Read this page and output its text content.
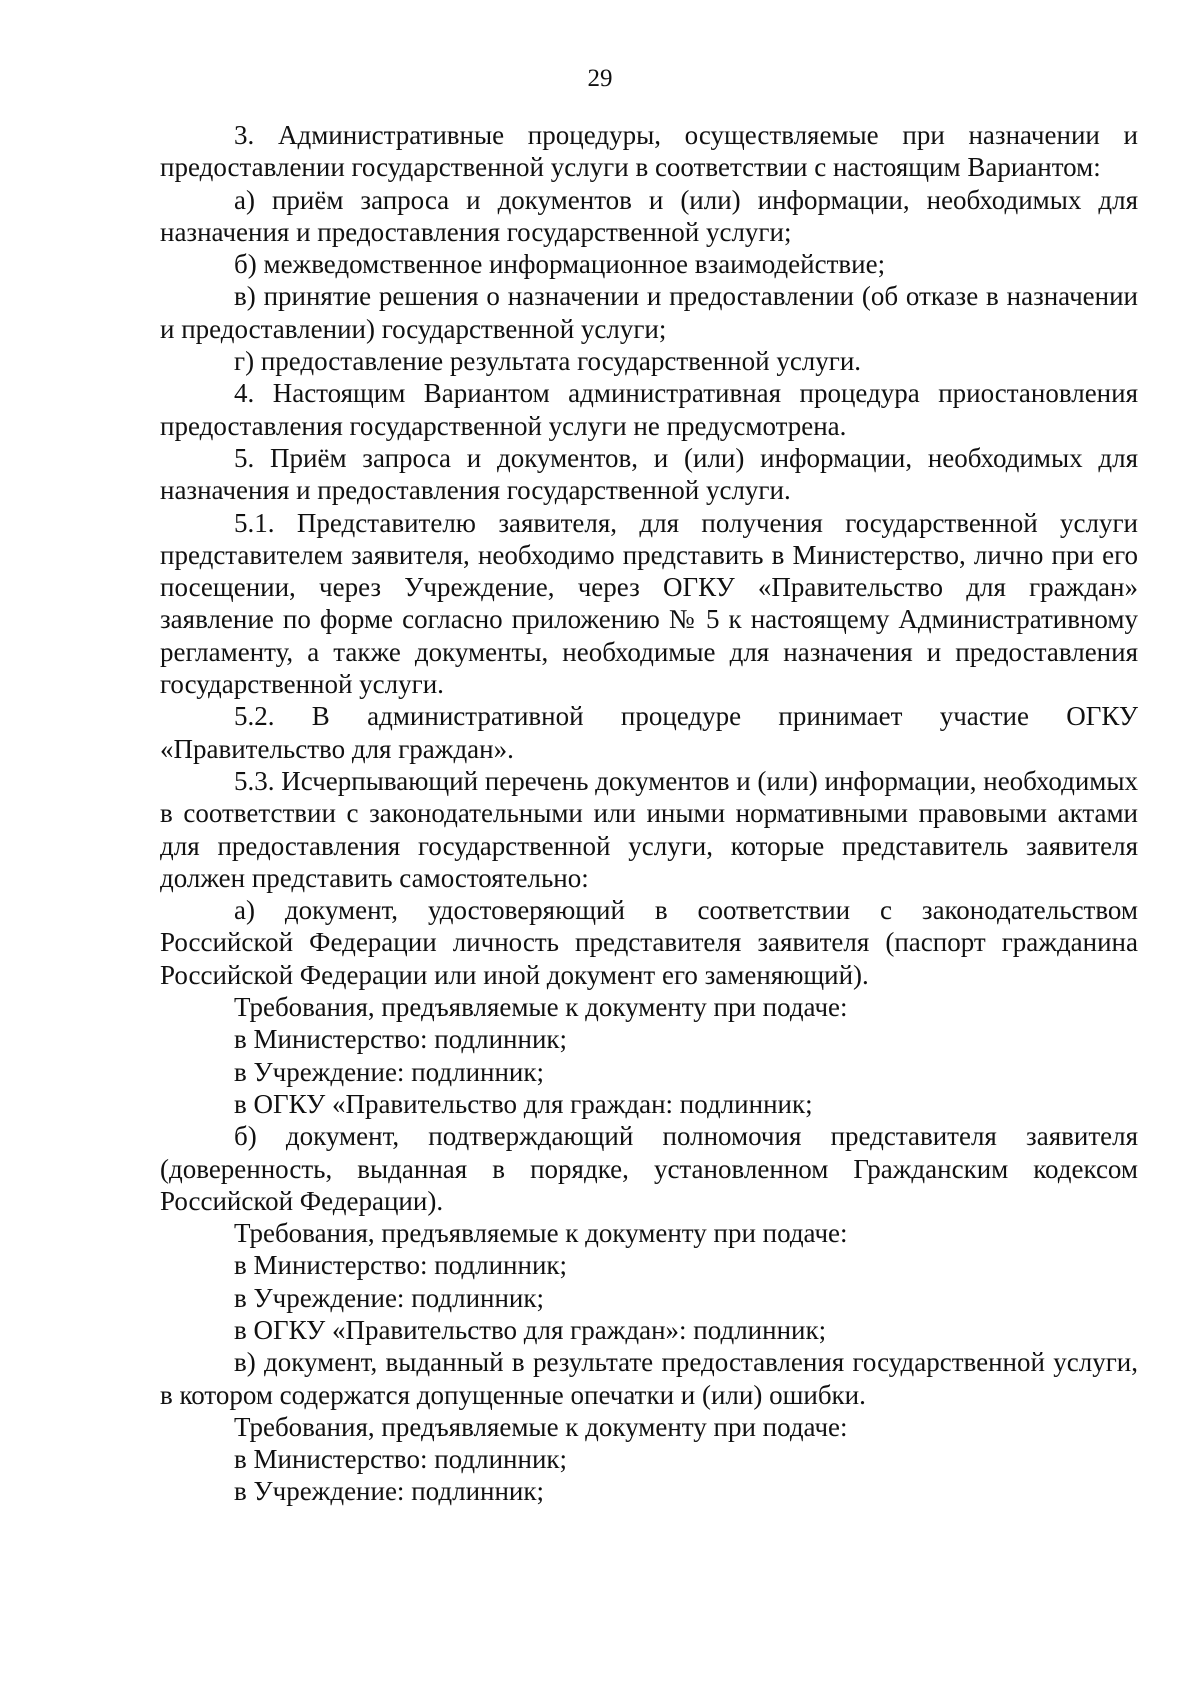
29

3. Административные процедуры, осуществляемые при назначении и предоставлении государственной услуги в соответствии с настоящим Вариантом:

а) приём запроса и документов и (или) информации, необходимых для назначения и предоставления государственной услуги;

б) межведомственное информационное взаимодействие;

в) принятие решения о назначении и предоставлении (об отказе в назначении и предоставлении) государственной услуги;

г) предоставление результата государственной услуги.

4. Настоящим Вариантом административная процедура приостановления предоставления государственной услуги не предусмотрена.

5. Приём запроса и документов, и (или) информации, необходимых для назначения и предоставления государственной услуги.

5.1. Представителю заявителя, для получения государственной услуги представителем заявителя, необходимо представить в Министерство, лично при его посещении, через Учреждение, через ОГКУ «Правительство для граждан» заявление по форме согласно приложению № 5 к настоящему Административному регламенту, а также документы, необходимые для назначения и предоставления государственной услуги.

5.2. В административной процедуре принимает участие ОГКУ «Правительство для граждан».

5.3. Исчерпывающий перечень документов и (или) информации, необходимых в соответствии с законодательными или иными нормативными правовыми актами для предоставления государственной услуги, которые представитель заявителя должен представить самостоятельно:

а) документ, удостоверяющий в соответствии с законодательством Российской Федерации личность представителя заявителя (паспорт гражданина Российской Федерации или иной документ его заменяющий).

Требования, предъявляемые к документу при подаче:

в Министерство: подлинник;

в Учреждение: подлинник;

в ОГКУ «Правительство для граждан: подлинник;

б) документ, подтверждающий полномочия представителя заявителя (доверенность, выданная в порядке, установленном Гражданским кодексом Российской Федерации).

Требования, предъявляемые к документу при подаче:

в Министерство: подлинник;

в Учреждение: подлинник;

в ОГКУ «Правительство для граждан»: подлинник;

в) документ, выданный в результате предоставления государственной услуги, в котором содержатся допущенные опечатки и (или) ошибки.

Требования, предъявляемые к документу при подаче:

в Министерство: подлинник;

в Учреждение: подлинник;
